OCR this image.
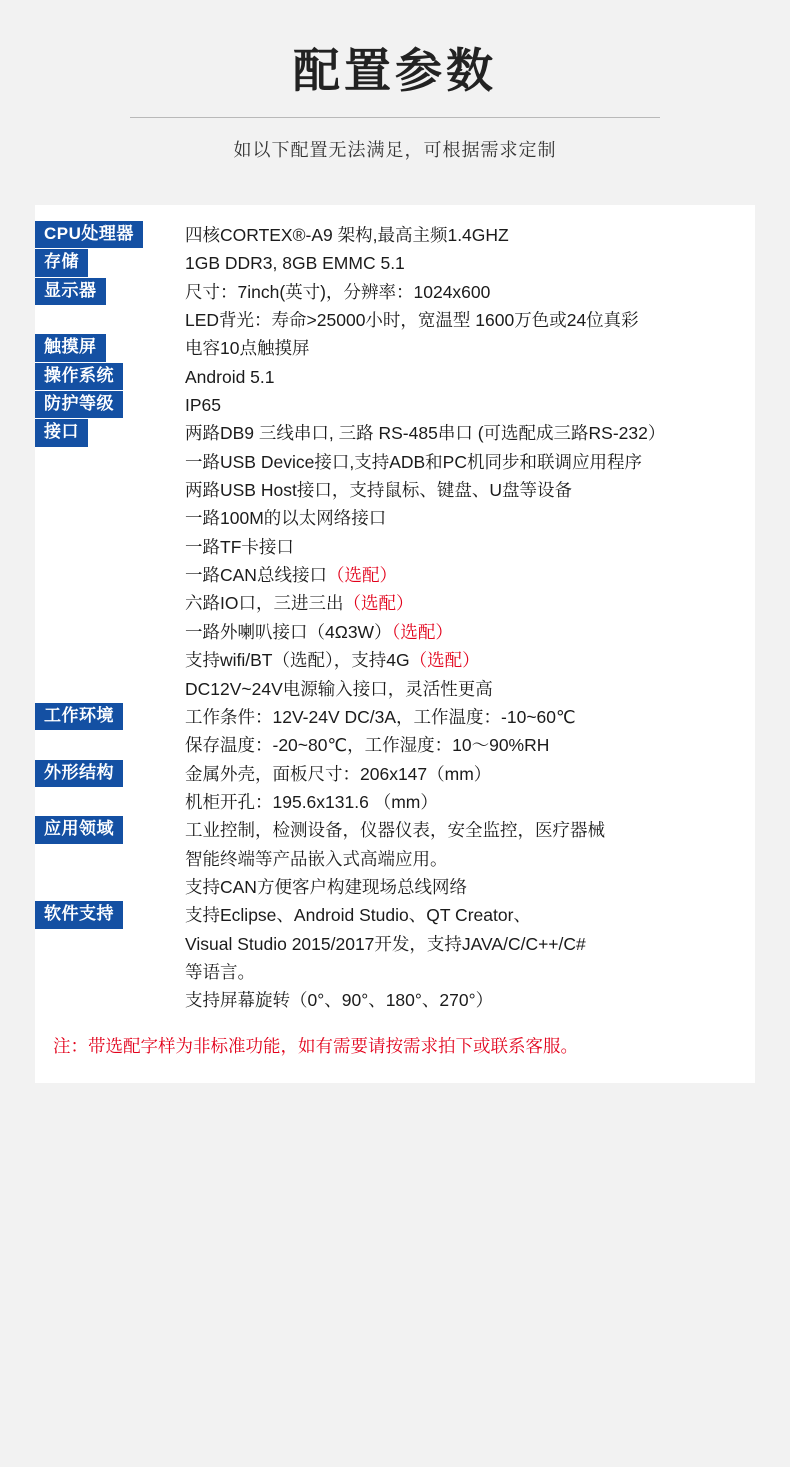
配置参数
如以下配置无法满足，可根据需求定制
CPU处理器	四核CORTEX®-A9 架构,最高主频1.4GHZ

存储	1GB DDR3, 8GB EMMC 5.1

显示器	尺寸：7inch(英寸)，分辨率：1024x600
LED背光：寿命>25000小时，宽温型 1600万色或24位真彩

触摸屏	电容10点触摸屏

操作系统	Android 5.1

防护等级	IP65

接口	两路DB9 三线串口, 三路 RS-485串口 (可选配成三路RS-232）
一路USB Device接口,支持ADB和PC机同步和联调应用程序
两路USB Host接口，支持鼠标、键盘、U盘等设备
一路100M的以太网络接口
一路TF卡接口
一路CAN总线接口（选配）
六路IO口，三进三出（选配）
一路外喇叭接口（4Ω3W）（选配）
支持wifi/BT（选配），支持4G（选配）
DC12V~24V电源输入接口，灵活性更高

工作环境	工作条件：12V-24V DC/3A，工作温度：-10~60℃
保存温度：-20~80℃，工作湿度：10～90%RH

外形结构	金属外壳，面板尺寸：206x147（mm）
机柜开孔：195.6x131.6 （mm）

应用领域	工业控制，检测设备，仪器仪表，安全监控，医疗器械
智能终端等产品嵌入式高端应用。
支持CAN方便客户构建现场总线网络

软件支持	支持Eclipse、Android Studio、QT Creator、
Visual Studio 2015/2017开发，支持JAVA/C/C++/C#
等语言。
支持屏幕旋转（0°、90°、180°、270°）
注：带选配字样为非标准功能，如有需要请按需求拍下或联系客服。
